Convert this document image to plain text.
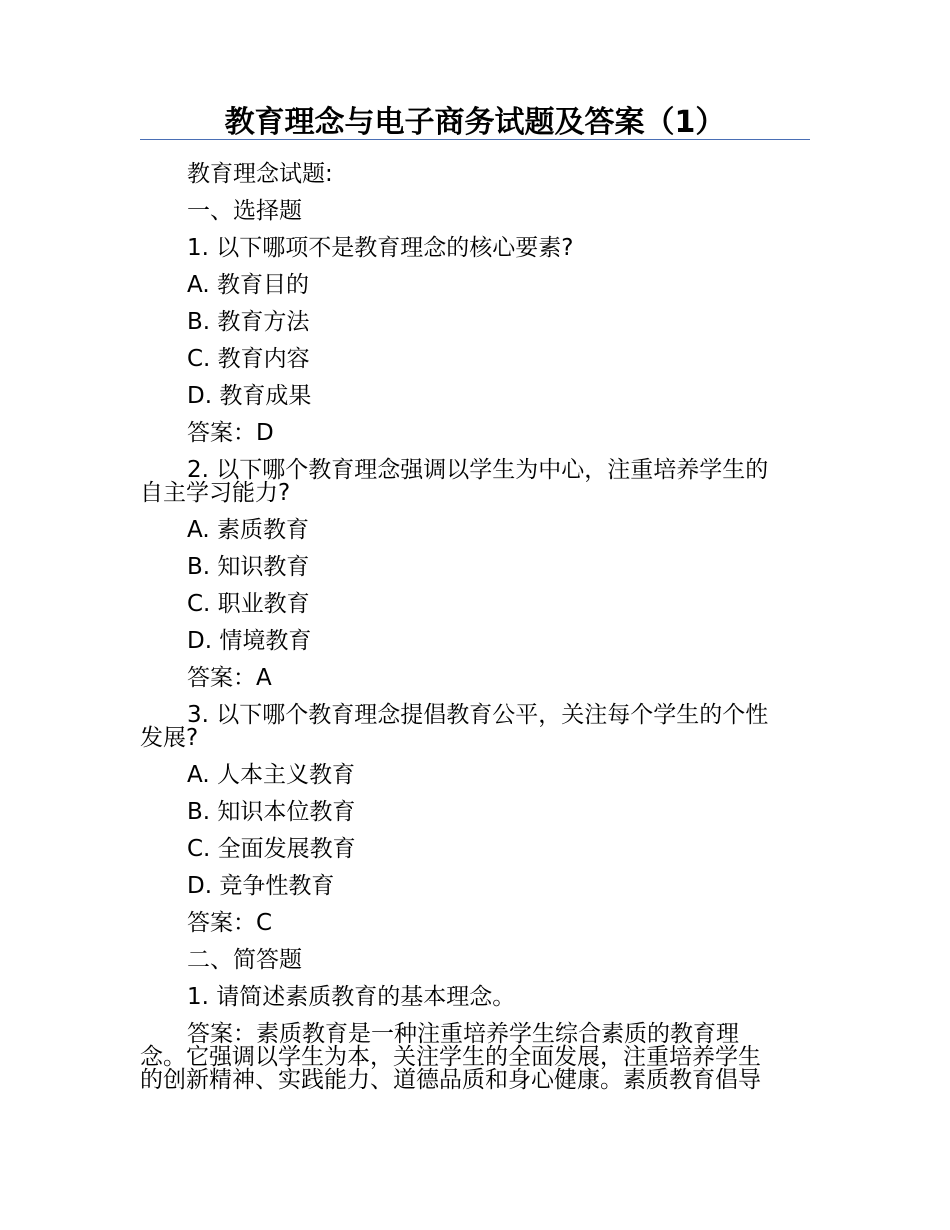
教育理念与电子商务试题及答案（1）
教育理念试题:
一、选择题
1. 以下哪项不是教育理念的核心要素?
A. 教育目的
B. 教育方法
C. 教育内容
D. 教育成果
答案：D
2. 以下哪个教育理念强调以学生为中心，注重培养学生的
自主学习能力?
A. 素质教育
B. 知识教育
C. 职业教育
D. 情境教育
答案：A
3. 以下哪个教育理念提倡教育公平，关注每个学生的个性
发展?
A. 人本主义教育
B. 知识本位教育
C. 全面发展教育
D. 竞争性教育
答案：C
二、简答题
1. 请简述素质教育的基本理念。
答案：素质教育是一种注重培养学生综合素质的教育理
念。它强调以学生为本，关注学生的全面发展，注重培养学生
的创新精神、实践能力、道德品质和身心健康。素质教育倡导
